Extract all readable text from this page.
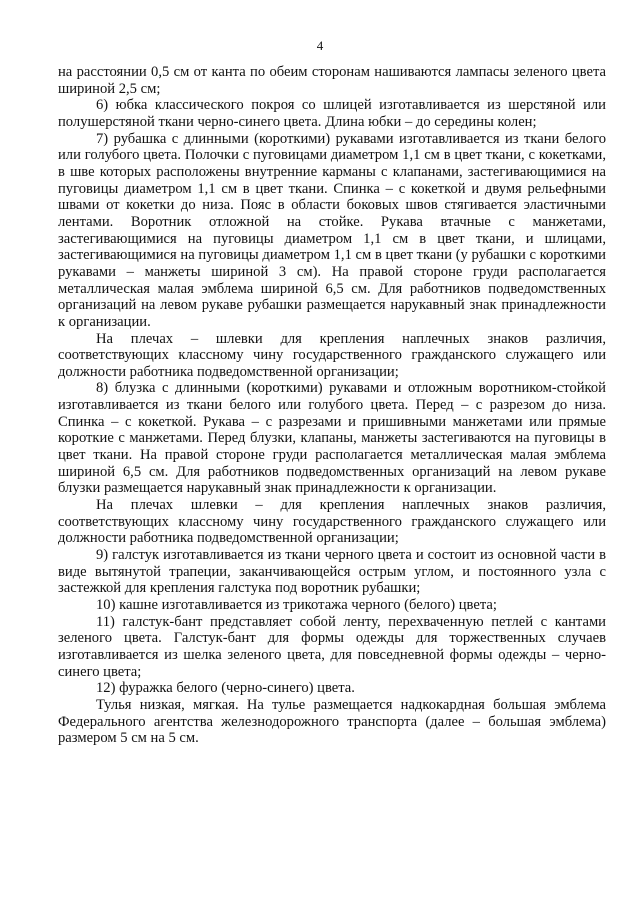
4

на расстоянии 0,5 см от канта по обеим сторонам нашиваются лампасы зеленого цвета шириной 2,5 см;

6) юбка классического покроя со шлицей изготавливается из шерстяной или полушерстяной ткани черно-синего цвета. Длина юбки – до середины колен;

7) рубашка с длинными (короткими) рукавами изготавливается из ткани белого или голубого цвета. Полочки с пуговицами диаметром 1,1 см в цвет ткани, с кокетками, в шве которых расположены внутренние карманы с клапанами, застегивающимися на пуговицы диаметром 1,1 см в цвет ткани. Спинка – с кокеткой и двумя рельефными швами от кокетки до низа. Пояс в области боковых швов стягивается эластичными лентами. Воротник отложной на стойке. Рукава втачные с манжетами, застегивающимися на пуговицы диаметром 1,1 см в цвет ткани, и шлицами, застегивающимися на пуговицы диаметром 1,1 см в цвет ткани (у рубашки с короткими рукавами – манжеты шириной 3 см). На правой стороне груди располагается металлическая малая эмблема шириной 6,5 см. Для работников подведомственных организаций на левом рукаве рубашки размещается нарукавный знак принадлежности к организации.

На плечах – шлевки для крепления наплечных знаков различия, соответствующих классному чину государственного гражданского служащего или должности работника подведомственной организации;

8) блузка с длинными (короткими) рукавами и отложным воротником-стойкой изготавливается из ткани белого или голубого цвета. Перед – с разрезом до низа. Спинка – с кокеткой. Рукава – с разрезами и пришивными манжетами или прямые короткие с манжетами. Перед блузки, клапаны, манжеты застегиваются на пуговицы в цвет ткани. На правой стороне груди располагается металлическая малая эмблема шириной 6,5 см. Для работников подведомственных организаций на левом рукаве блузки размещается нарукавный знак принадлежности к организации.

На плечах шлевки – для крепления наплечных знаков различия, соответствующих классному чину государственного гражданского служащего или должности работника подведомственной организации;

9) галстук изготавливается из ткани черного цвета и состоит из основной части в виде вытянутой трапеции, заканчивающейся острым углом, и постоянного узла с застежкой для крепления галстука под воротник рубашки;

10) кашне изготавливается из трикотажа черного (белого) цвета;

11) галстук-бант представляет собой ленту, перехваченную петлей с кантами зеленого цвета. Галстук-бант для формы одежды для торжественных случаев изготавливается из шелка зеленого цвета, для повседневной формы одежды – черно-синего цвета;

12) фуражка белого (черно-синего) цвета.

Тулья низкая, мягкая. На тулье размещается надкокардная большая эмблема Федерального агентства железнодорожного транспорта (далее – большая эмблема) размером 5 см на 5 см.
